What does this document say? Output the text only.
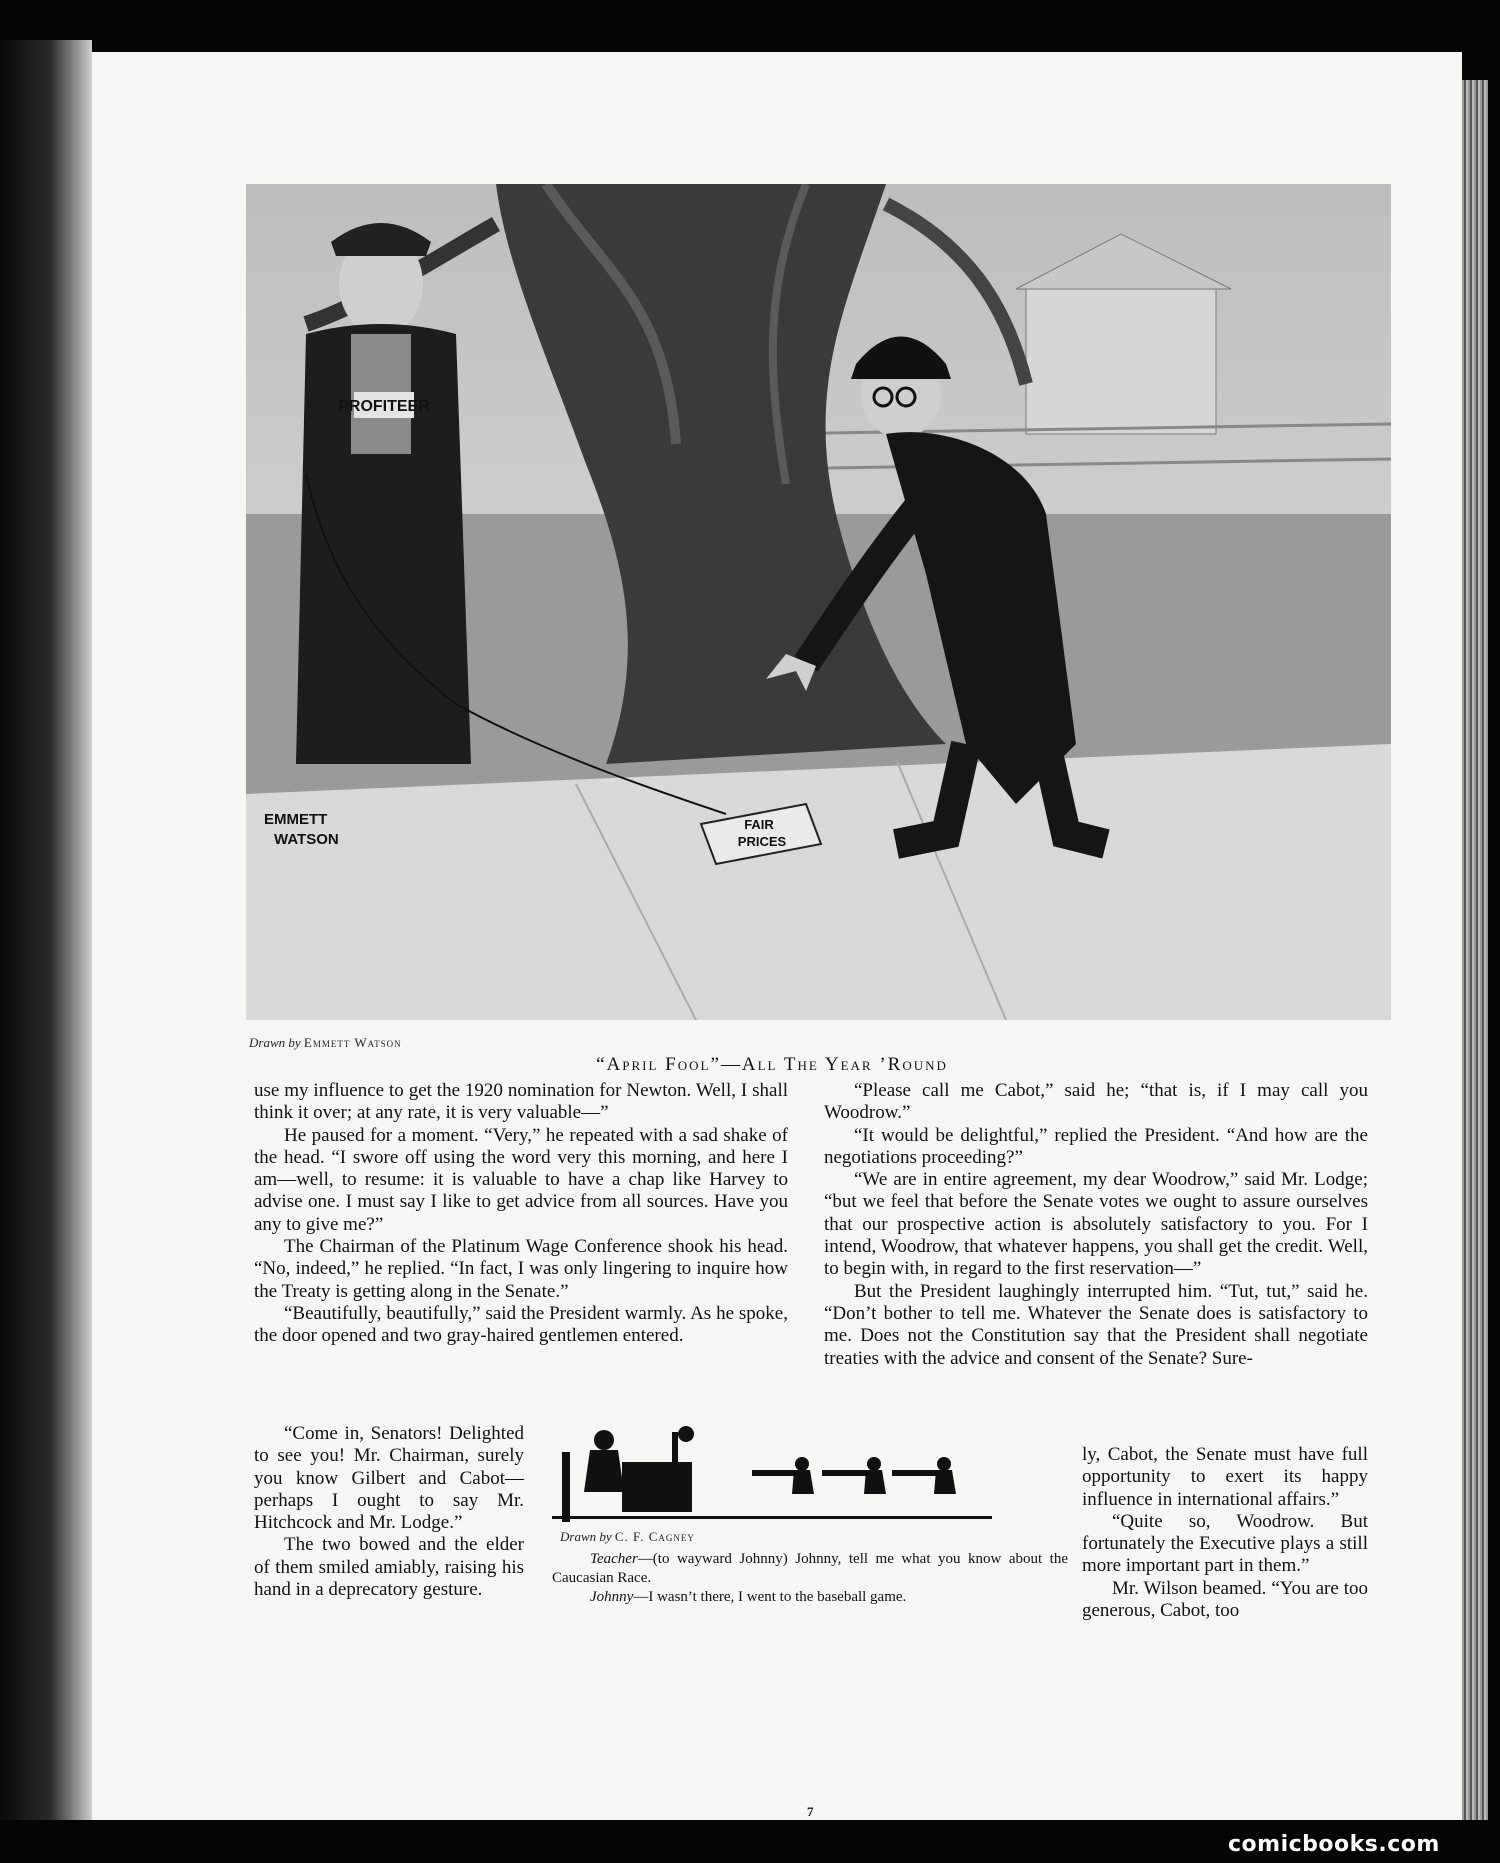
PROFITEER
FAIR
PRICES
EMMETT
WATSON
Drawn by Emmett Watson
“April Fool”—All The Year ’Round

use my influence to get the 1920 nomination for Newton. Well, I shall think it over; at any rate, it is very valuable—”

He paused for a moment. “Very,” he repeated with a sad shake of the head. “I swore off using the word very this morning, and here I am—well, to resume: it is valuable to have a chap like Harvey to advise one. I must say I like to get advice from all sources. Have you any to give me?”

The Chairman of the Platinum Wage Conference shook his head. “No, indeed,” he replied. “In fact, I was only lingering to inquire how the Treaty is getting along in the Senate.”

“Beautifully, beautifully,” said the President warmly. As he spoke, the door opened and two gray-haired gentlemen entered.

“Come in, Senators! Delighted to see you! Mr. Chairman, surely you know Gilbert and Cabot—perhaps I ought to say Mr. Hitchcock and Mr. Lodge.”

The two bowed and the elder of them smiled amiably, raising his hand in a deprecatory gesture.

“Please call me Cabot,” said he; “that is, if I may call you Woodrow.”

“It would be delightful,” replied the President. “And how are the negotiations proceeding?”

“We are in entire agreement, my dear Woodrow,” said Mr. Lodge; “but we feel that before the Senate votes we ought to assure ourselves that our prospective action is absolutely satisfactory to you. For I intend, Woodrow, that whatever happens, you shall get the credit. Well, to begin with, in regard to the first reservation—”

But the President laughingly interrupted him. “Tut, tut,” said he. “Don’t bother to tell me. Whatever the Senate does is satisfactory to me. Does not the Constitution say that the President shall negotiate treaties with the advice and consent of the Senate? Sure-

ly, Cabot, the Senate must have full opportunity to exert its happy influence in international affairs.”

“Quite so, Woodrow. But fortunately the Executive plays a still more important part in them.”

Mr. Wilson beamed. “You are too generous, Cabot, too

Drawn by C. F. Cagney

Teacher—(to wayward Johnny) Johnny, tell me what you know about the Caucasian Race.

Johnny—I wasn’t there, I went to the baseball game.

7
comicbooks.com
